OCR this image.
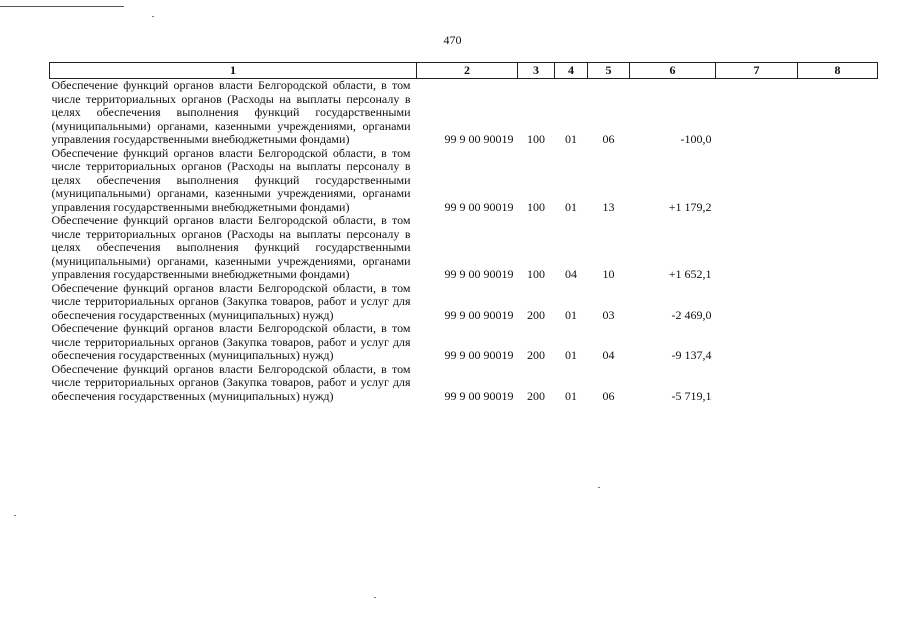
470
1	2	3	4	5	6	7	8
Обеспечение функций органов власти Белгородской области, в том числе территориальных органов (Расходы на выплаты персоналу в целях обеспечения выполнения функций государственными (муниципальными) органами, казенными учреждениями, органами управления государственными внебюджетными фондами)	99 9 00 90019	100	01	06	-100,0		
Обеспечение функций органов власти Белгородской области, в том числе территориальных органов (Расходы на выплаты персоналу в целях обеспечения выполнения функций государственными (муниципальными) органами, казенными учреждениями, органами управления государственными внебюджетными фондами)	99 9 00 90019	100	01	13	+1 179,2		
Обеспечение функций органов власти Белгородской области, в том числе территориальных органов (Расходы на выплаты персоналу в целях обеспечения выполнения функций государственными (муниципальными) органами, казенными учреждениями, органами управления государственными внебюджетными фондами)	99 9 00 90019	100	04	10	+1 652,1		
Обеспечение функций органов власти Белгородской области, в том числе территориальных органов (Закупка товаров, работ и услуг для обеспечения государственных (муниципальных) нужд)	99 9 00 90019	200	01	03	-2 469,0		
Обеспечение функций органов власти Белгородской области, в том числе территориальных органов (Закупка товаров, работ и услуг для обеспечения государственных (муниципальных) нужд)	99 9 00 90019	200	01	04	-9 137,4		
Обеспечение функций органов власти Белгородской области, в том числе территориальных органов (Закупка товаров, работ и услуг для обеспечения государственных (муниципальных) нужд)	99 9 00 90019	200	01	06	-5 719,1		
